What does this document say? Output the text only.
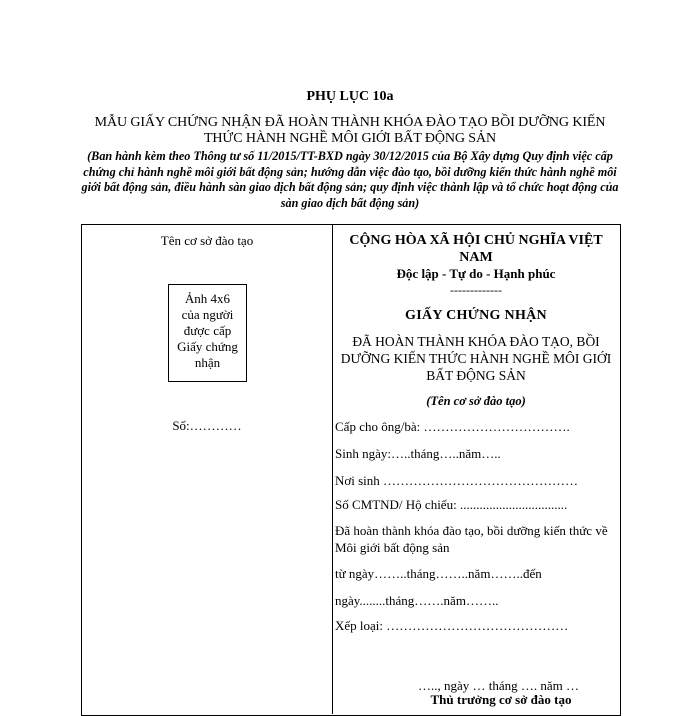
PHỤ LỤC 10a
MẪU GIẤY CHỨNG NHẬN ĐÃ HOÀN THÀNH KHÓA ĐÀO TẠO BỒI DƯỠNG KIẾN THỨC HÀNH NGHỀ MÔI GIỚI BẤT ĐỘNG SẢN
(Ban hành kèm theo Thông tư số 11/2015/TT-BXD ngày 30/12/2015 của Bộ Xây dựng Quy định việc cấp chứng chỉ hành nghề môi giới bất động sản; hướng dẫn việc đào tạo, bồi dưỡng kiến thức hành nghề môi giới bất động sản, điều hành sàn giao dịch bất động sản; quy định việc thành lập và tổ chức hoạt động của sàn giao dịch bất động sản)
Tên cơ sở đào tạo
Ảnh 4x6
của người
được cấp
Giấy chứng
nhận
Số:…………
CỘNG HÒA XÃ HỘI CHỦ NGHĨA VIỆT NAM
Độc lập - Tự do - Hạnh phúc
-------------
GIẤY CHỨNG NHẬN
ĐÃ HOÀN THÀNH KHÓA ĐÀO TẠO, BỒI DƯỠNG KIẾN THỨC HÀNH NGHỀ MÔI GIỚI BẤT ĐỘNG SẢN
(Tên cơ sở đào tạo)
Cấp cho ông/bà: …………………………….
Sinh ngày:…..tháng…..năm…..
Nơi sinh ………………………………………
Số CMTND/ Hộ chiếu: .................................
Đã hoàn thành khóa đào tạo, bồi dưỡng kiến thức về Môi giới bất động sản
từ ngày……..tháng……..năm……..đến
ngày........tháng…….năm……..
Xếp loại: ……………………………………
….., ngày … tháng …. năm …
Thủ trưởng cơ sở đào tạo
